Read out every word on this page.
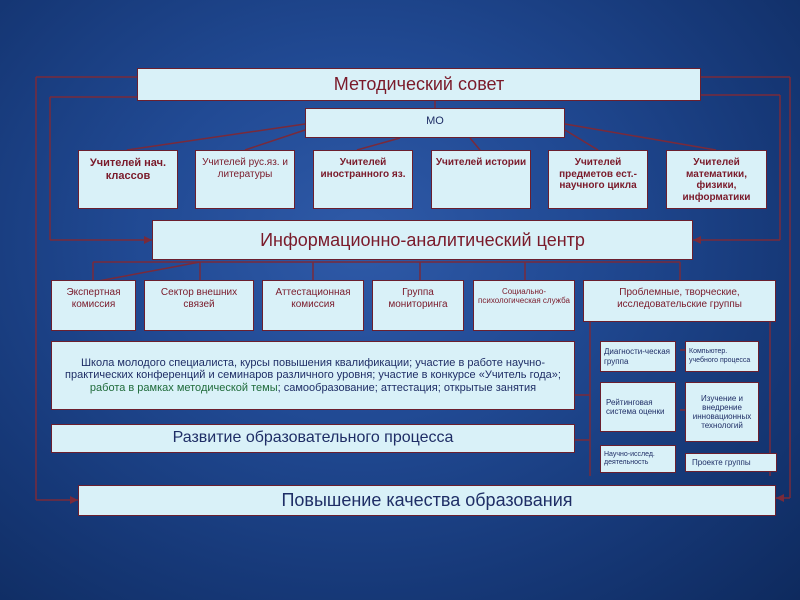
Методический совет
МО
Учителей нач. классов
Учителей рус.яз. и литературы
Учителей иностранного яз.
Учителей истории	Учителей предметов ест.-научного цикла
Учителей математики, физики, информатики
Информационно-аналитический центр
Экспертная комиссия
Сектор внешних связей
Аттестационная комиссия
Группа мониторинга
Социально-психологическая служба
Проблемные, творческие, исследовательские группы
Школа молодого специалиста, курсы повышения квалификации; участие в работе научно-практических конференций и семинаров различного уровня; участие в конкурсе «Учитель года»; работа в рамках методической темы; самообразование; аттестация; открытые занятия
Развитие образовательного процесса
Повышение качества образования
Диагности-ческая группа
Компьютер. учебного процесса
Рейтинговая система оценки
Изучение и внедрение инновационных технологий
Научно-исслед. деятельность	Проекте группы
